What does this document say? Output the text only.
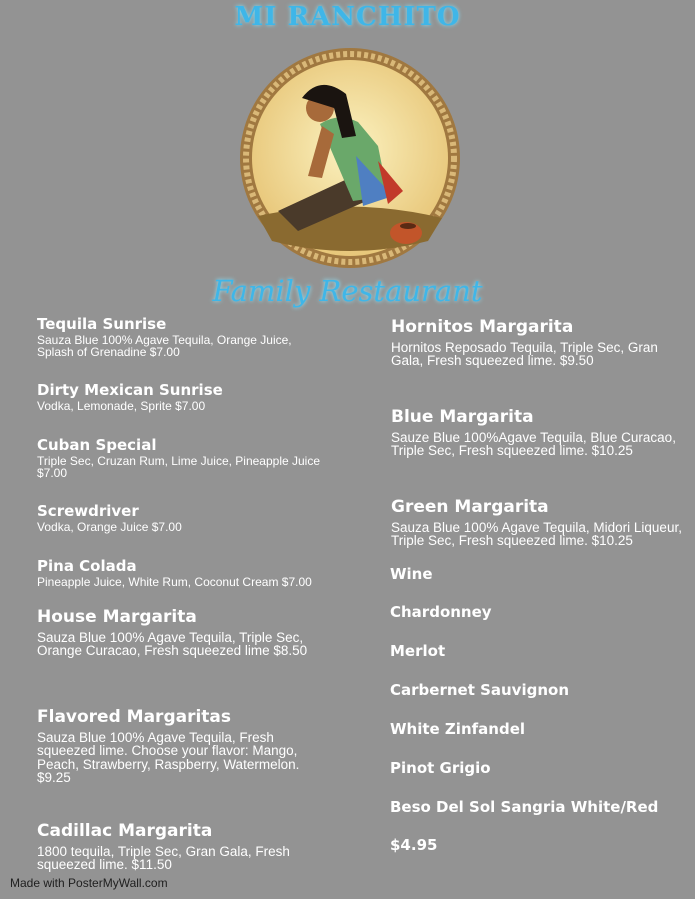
MI RANCHITO
Family Restaurant
Tequila Sunrise
Sauza Blue 100% Agave Tequila, Orange Juice, Splash of Grenadine $7.00
Dirty Mexican Sunrise
Vodka, Lemonade, Sprite $7.00
Cuban Special
Triple Sec, Cruzan Rum, Lime Juice, Pineapple Juice $7.00
Screwdriver
Vodka, Orange Juice $7.00
Pina Colada
Pineapple Juice, White Rum, Coconut Cream $7.00
House Margarita
Sauza Blue 100% Agave Tequila, Triple Sec, Orange Curacao, Fresh squeezed lime $8.50
Flavored Margaritas
Sauza Blue 100% Agave Tequila, Fresh squeezed lime. Choose your flavor: Mango, Peach, Strawberry, Raspberry, Watermelon. $9.25
Cadillac Margarita
1800 tequila, Triple Sec, Gran Gala, Fresh squeezed lime. $11.50
Hornitos Margarita
Hornitos Reposado Tequila, Triple Sec, Gran Gala, Fresh squeezed lime. $9.50
Blue Margarita
Sauze Blue 100%Agave Tequila, Blue Curacao, Triple Sec, Fresh squeezed lime. $10.25
Green Margarita
Sauza Blue 100% Agave Tequila, Midori Liqueur, Triple Sec, Fresh squeezed lime. $10.25
Wine
Chardonney
Merlot
Carbernet Sauvignon
White Zinfandel
Pinot Grigio
Beso Del Sol Sangria White/Red
$4.95
Made with PosterMyWall.com
